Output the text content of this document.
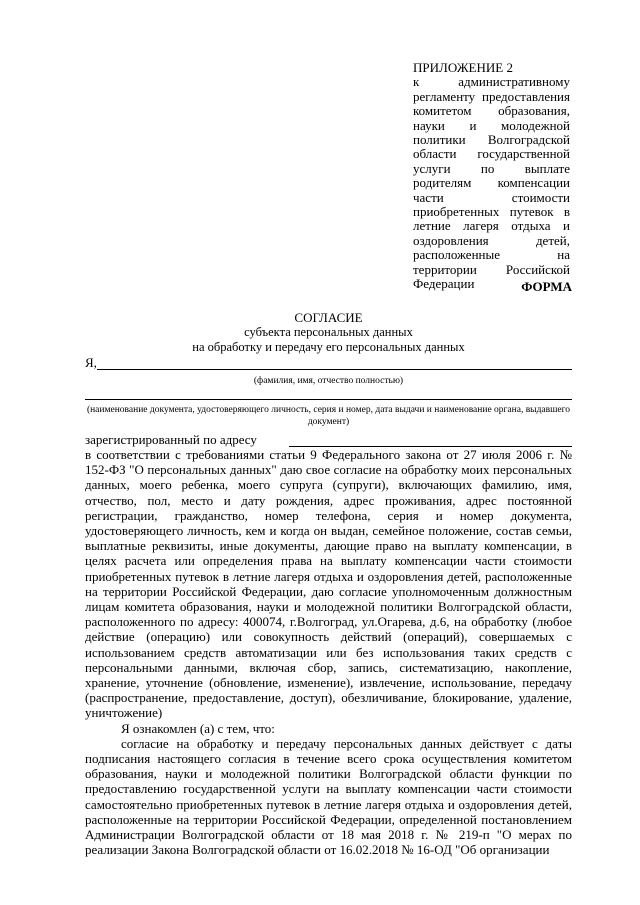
ПРИЛОЖЕНИЕ 2
к административному регламенту предоставления комитетом образования, науки и молодежной политики Волгоградской области государственной услуги по выплате родителям компенсации части стоимости приобретенных путевок в летние лагеря отдыха и оздоровления детей, расположенные на территории Российской Федерации	ФОРМА
СОГЛАСИЕ
субъекта персональных данных
на обработку и передачу его персональных данных
Я,
(фамилия, имя, отчество полностью)
(наименование документа, удостоверяющего личность, серия и номер, дата выдачи и наименование органа, выдавшего документ)
зарегистрированный по адресу

в соответствии с требованиями статьи 9 Федерального закона от 27 июля 2006 г. № 152-ФЗ "О персональных данных" даю свое согласие на обработку моих персональных данных, моего ребенка, моего супруга (супруги), включающих фамилию, имя, отчество, пол, место и дату рождения, адрес проживания, адрес постоянной регистрации, гражданство, номер телефона, серия и номер документа, удостоверяющего личность, кем и когда он выдан, семейное положение, состав семьи, выплатные реквизиты, иные документы, дающие право на выплату компенсации, в целях расчета или определения права на выплату компенсации части стоимости приобретенных путевок в летние лагеря отдыха и оздоровления детей, расположенные на территории Российской Федерации, даю согласие уполномоченным должностным лицам комитета образования, науки и молодежной политики Волгоградской области, расположенного по адресу: 400074, г.Волгоград, ул.Огарева, д.6, на обработку (любое действие (операцию) или совокупность действий (операций), совершаемых с использованием средств автоматизации или без использования таких средств с персональными данными, включая сбор, запись, систематизацию, накопление, хранение, уточнение (обновление, изменение), извлечение, использование, передачу (распространение, предоставление, доступ), обезличивание, блокирование, удаление, уничтожение)

Я ознакомлен (а) с тем, что:

согласие на обработку и передачу персональных данных действует с даты подписания настоящего согласия в течение всего срока осуществления комитетом образования, науки и молодежной политики Волгоградской области функции по предоставлению государственной услуги на выплату компенсации части стоимости самостоятельно приобретенных путевок в летние лагеря отдыха и оздоровления детей, расположенные на территории Российской Федерации, определенной постановлением Администрации Волгоградской области от 18 мая 2018 г. № 219-п "О мерах по реализации Закона Волгоградской области от 16.02.2018 № 16-ОД "Об организации
